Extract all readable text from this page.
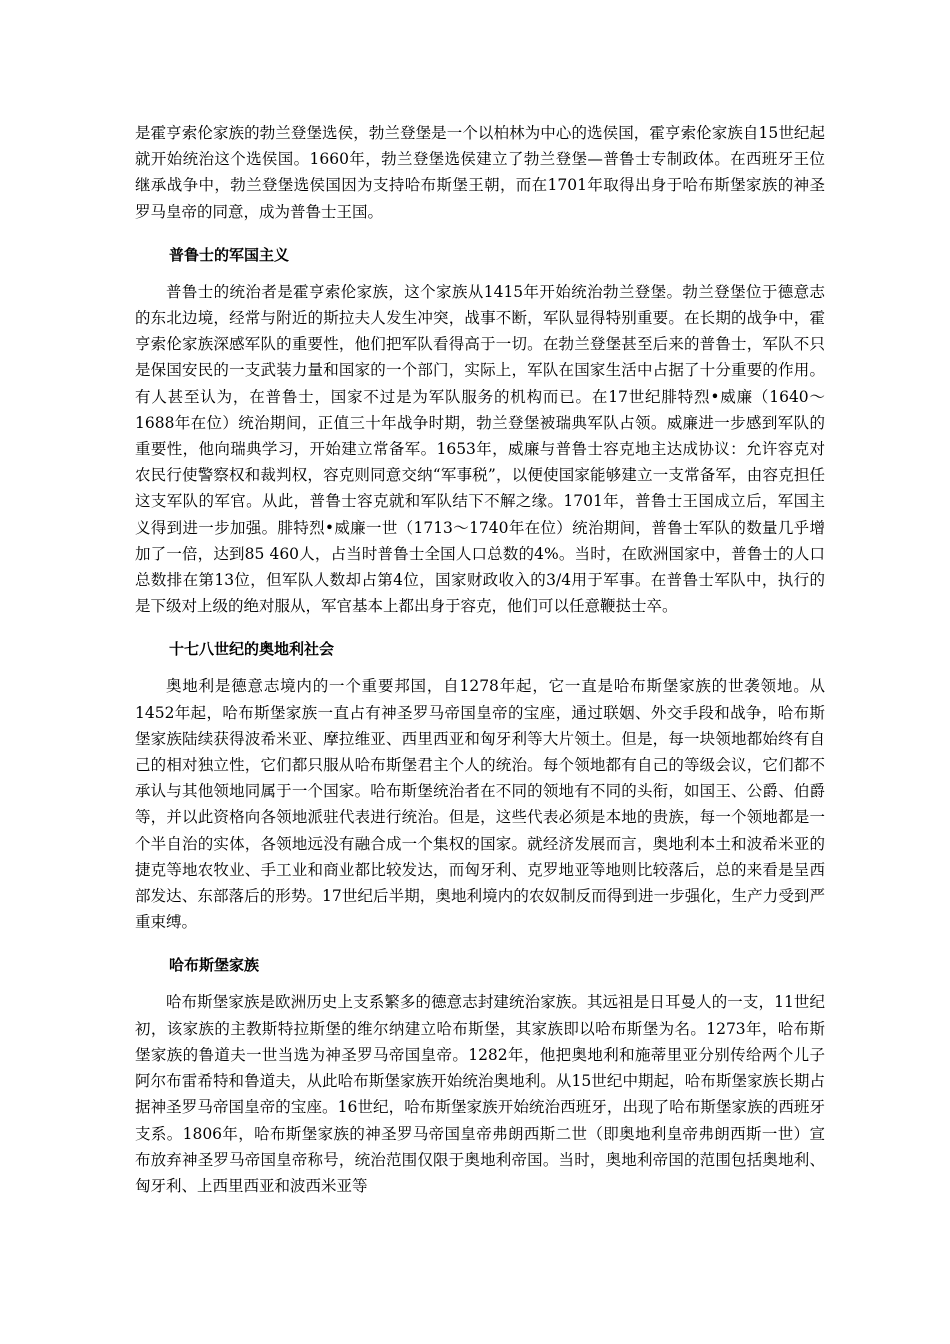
是霍亨索伦家族的勃兰登堡选侯，勃兰登堡是一个以柏林为中心的选侯国，霍亨索伦家族自15世纪起就开始统治这个选侯国。1660年，勃兰登堡选侯建立了勃兰登堡—普鲁士专制政体。在西班牙王位继承战争中，勃兰登堡选侯国因为支持哈布斯堡王朝，而在1701年取得出身于哈布斯堡家族的神圣罗马皇帝的同意，成为普鲁士王国。

普鲁士的军国主义

普鲁士的统治者是霍亨索伦家族，这个家族从1415年开始统治勃兰登堡。勃兰登堡位于德意志的东北边境，经常与附近的斯拉夫人发生冲突，战事不断，军队显得特别重要。在长期的战争中，霍亨索伦家族深感军队的重要性，他们把军队看得高于一切。在勃兰登堡甚至后来的普鲁士，军队不只是保国安民的一支武装力量和国家的一个部门，实际上，军队在国家生活中占据了十分重要的作用。有人甚至认为，在普鲁士，国家不过是为军队服务的机构而已。在17世纪腓特烈•威廉（1640～1688年在位）统治期间，正值三十年战争时期，勃兰登堡被瑞典军队占领。威廉进一步感到军队的重要性，他向瑞典学习，开始建立常备军。1653年，威廉与普鲁士容克地主达成协议：允许容克对农民行使警察权和裁判权，容克则同意交纳“军事税”，以便使国家能够建立一支常备军，由容克担任这支军队的军官。从此，普鲁士容克就和军队结下不解之缘。1701年，普鲁士王国成立后，军国主义得到进一步加强。腓特烈•威廉一世（1713～1740年在位）统治期间，普鲁士军队的数量几乎增加了一倍，达到85 460人，占当时普鲁士全国人口总数的4%。当时，在欧洲国家中，普鲁士的人口总数排在第13位，但军队人数却占第4位，国家财政收入的3/4用于军事。在普鲁士军队中，执行的是下级对上级的绝对服从，军官基本上都出身于容克，他们可以任意鞭挞士卒。

十七八世纪的奥地利社会

奥地利是德意志境内的一个重要邦国，自1278年起，它一直是哈布斯堡家族的世袭领地。从1452年起，哈布斯堡家族一直占有神圣罗马帝国皇帝的宝座，通过联姻、外交手段和战争，哈布斯堡家族陆续获得波希米亚、摩拉维亚、西里西亚和匈牙利等大片领土。但是，每一块领地都始终有自己的相对独立性，它们都只服从哈布斯堡君主个人的统治。每个领地都有自己的等级会议，它们都不承认与其他领地同属于一个国家。哈布斯堡统治者在不同的领地有不同的头衔，如国王、公爵、伯爵等，并以此资格向各领地派驻代表进行统治。但是，这些代表必须是本地的贵族，每一个领地都是一个半自治的实体，各领地远没有融合成一个集权的国家。就经济发展而言，奥地利本土和波希米亚的捷克等地农牧业、手工业和商业都比较发达，而匈牙利、克罗地亚等地则比较落后，总的来看是呈西部发达、东部落后的形势。17世纪后半期，奥地利境内的农奴制反而得到进一步强化，生产力受到严重束缚。

哈布斯堡家族

哈布斯堡家族是欧洲历史上支系繁多的德意志封建统治家族。其远祖是日耳曼人的一支，11世纪初，该家族的主教斯特拉斯堡的维尔纳建立哈布斯堡，其家族即以哈布斯堡为名。1273年，哈布斯堡家族的鲁道夫一世当选为神圣罗马帝国皇帝。1282年，他把奥地利和施蒂里亚分别传给两个儿子阿尔布雷希特和鲁道夫，从此哈布斯堡家族开始统治奥地利。从15世纪中期起，哈布斯堡家族长期占据神圣罗马帝国皇帝的宝座。16世纪，哈布斯堡家族开始统治西班牙，出现了哈布斯堡家族的西班牙支系。1806年，哈布斯堡家族的神圣罗马帝国皇帝弗朗西斯二世（即奥地利皇帝弗朗西斯一世）宣布放弃神圣罗马帝国皇帝称号，统治范围仅限于奥地利帝国。当时，奥地利帝国的范围包括奥地利、匈牙利、上西里西亚和波西米亚等
